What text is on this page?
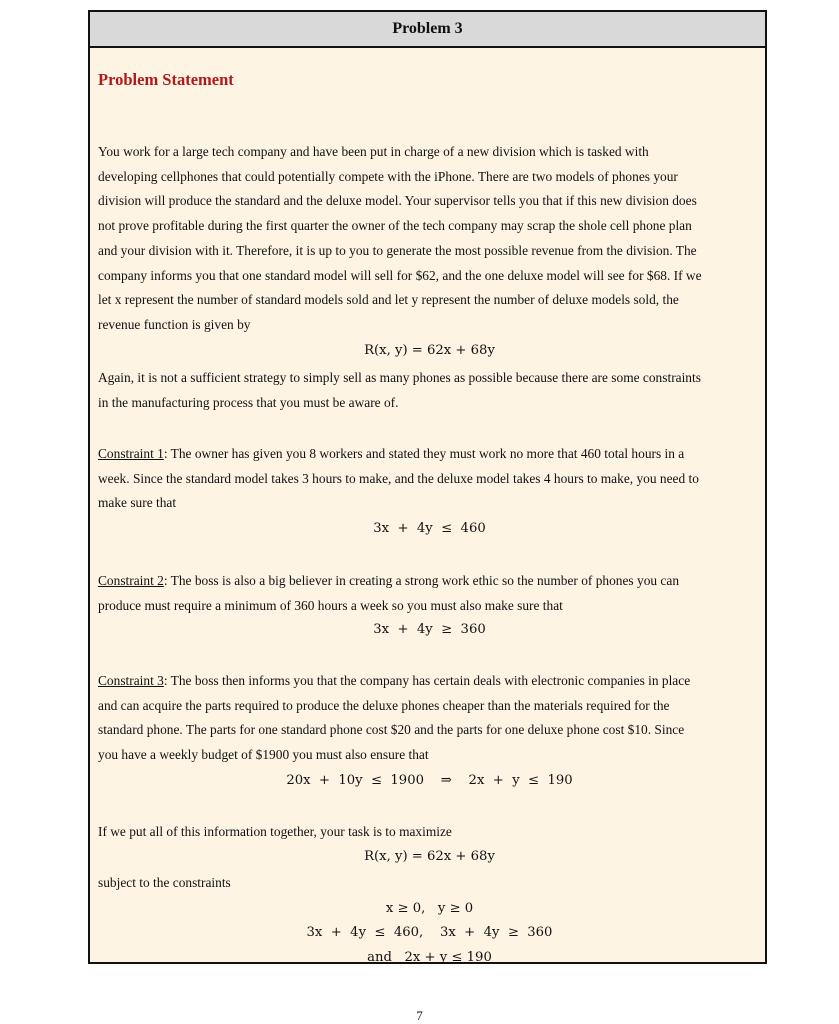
Problem 3
Problem Statement
You work for a large tech company and have been put in charge of a new division which is tasked with
developing cellphones that could potentially compete with the iPhone. There are two models of phones your
division will produce the standard and the deluxe model. Your supervisor tells you that if this new division does
not prove profitable during the first quarter the owner of the tech company may scrap the shole cell phone plan
and your division with it. Therefore, it is up to you to generate the most possible revenue from the division. The
company informs you that one standard model will sell for $62, and the one deluxe model will see for $68. If we
let x represent the number of standard models sold and let y represent the number of deluxe models sold, the
revenue function is given by
R(x, y) = 62x + 68y
Again, it is not a sufficient strategy to simply sell as many phones as possible because there are some constraints
in the manufacturing process that you must be aware of.
Constraint 1: The owner has given you 8 workers and stated they must work no more that 460 total hours in a
week. Since the standard model takes 3 hours to make, and the deluxe model takes 4 hours to make, you need to
make sure that
3x  +  4y  ≤  460
Constraint 2: The boss is also a big believer in creating a strong work ethic so the number of phones you can
produce must require a minimum of 360 hours a week so you must also make sure that
3x  +  4y  ≥  360
Constraint 3: The boss then informs you that the company has certain deals with electronic companies in place
and can acquire the parts required to produce the deluxe phones cheaper than the materials required for the
standard phone. The parts for one standard phone cost $20 and the parts for one deluxe phone cost $10. Since
you have a weekly budget of $1900 you must also ensure that
20x  +  10y  ≤  1900    ⇒    2x  +  y  ≤  190
If we put all of this information together, your task is to maximize
R(x, y) = 62x + 68y
subject to the constraints
x ≥ 0,   y ≥ 0
3x  +  4y  ≤  460,    3x  +  4y  ≥  360
and   2x + y ≤ 190
7
